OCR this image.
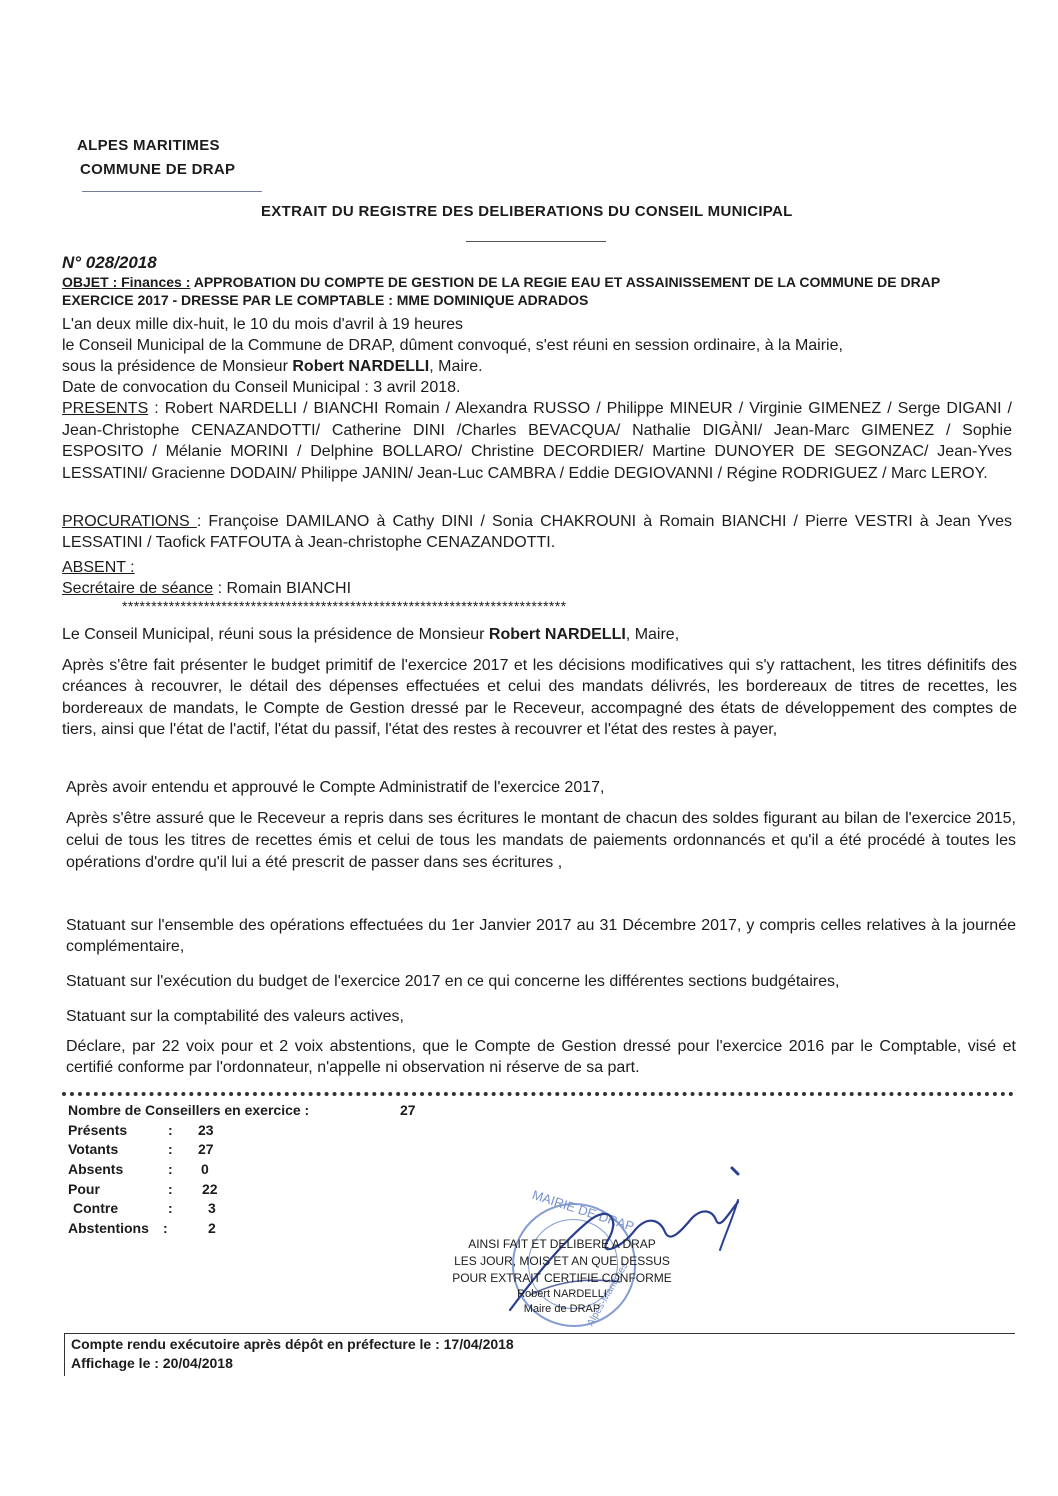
ALPES MARITIMES
COMMUNE DE DRAP
EXTRAIT DU REGISTRE DES DELIBERATIONS DU CONSEIL MUNICIPAL
N° 028/2018
OBJET : Finances : APPROBATION DU COMPTE DE GESTION DE LA REGIE EAU ET ASSAINISSEMENT DE LA COMMUNE DE DRAP
EXERCICE 2017 - DRESSE PAR LE COMPTABLE : MME DOMINIQUE ADRADOS
L'an deux mille dix-huit, le 10 du mois d'avril à 19 heures
le Conseil Municipal de la Commune de DRAP, dûment convoqué, s'est réuni en session ordinaire, à la Mairie,
sous la présidence de Monsieur Robert NARDELLI, Maire.
Date de convocation du Conseil Municipal : 3 avril 2018.
PRESENTS : Robert NARDELLI / BIANCHI Romain / Alexandra RUSSO / Philippe MINEUR / Virginie GIMENEZ / Serge DIGANI / Jean-Christophe CENAZANDOTTI/ Catherine DINI /Charles BEVACQUA/ Nathalie DIGÀNI/ Jean-Marc GIMENEZ / Sophie ESPOSITO / Mélanie MORINI / Delphine BOLLARO/ Christine DECORDIER/ Martine DUNOYER DE SEGONZAC/ Jean-Yves LESSATINI/ Gracienne DODAIN/ Philippe JANIN/ Jean-Luc CAMBRA / Eddie DEGIOVANNI / Régine RODRIGUEZ / Marc LEROY.
PROCURATIONS : Françoise DAMILANO à Cathy DINI / Sonia CHAKROUNI à Romain BIANCHI / Pierre VESTRI à Jean Yves LESSATINI / Taofick FATFOUTA à Jean-christophe CENAZANDOTTI.
ABSENT :
Secrétaire de séance : Romain BIANCHI
****************************************************************************
Le Conseil Municipal, réuni sous la présidence de Monsieur Robert NARDELLI, Maire,
Après s'être fait présenter le budget primitif de l'exercice 2017 et les décisions modificatives qui s'y rattachent, les titres définitifs des créances à recouvrer, le détail des dépenses effectuées et celui des mandats délivrés, les bordereaux de titres de recettes, les bordereaux de mandats, le Compte de Gestion dressé par le Receveur, accompagné des états de développement des comptes de tiers, ainsi que l'état de l'actif, l'état du passif, l'état des restes à recouvrer et l'état des restes à payer,
Après avoir entendu et approuvé le Compte Administratif de l'exercice 2017,
Après s'être assuré que le Receveur a repris dans ses écritures le montant de chacun des soldes figurant au bilan de l'exercice 2015, celui de tous les titres de recettes émis et celui de tous les mandats de paiements ordonnancés et qu'il a été procédé à toutes les opérations d'ordre qu'il lui a été prescrit de passer dans ses écritures ,
Statuant sur l'ensemble des opérations effectuées du 1er Janvier 2017 au 31 Décembre 2017, y compris celles relatives à la journée complémentaire,
Statuant sur l'exécution du budget de l'exercice 2017 en ce qui concerne les différentes sections budgétaires,
Statuant sur la comptabilité des valeurs actives,
Déclare, par 22 voix pour et 2 voix abstentions, que le Compte de Gestion dressé pour l'exercice 2016 par le Comptable, visé et certifié conforme par l'ordonnateur, n'appelle ni observation ni réserve de sa part.
Nombre de Conseillers en exercice :	27
Présents	: 23
Votants	: 27
Absents	: 0
Pour	: 22
Contre	:	3
Abstentions :	2	MAIRIE DE DRAP
Alpes-Maritimes
AINSI FAIT ET DELIBERE A DRAP
LES JOUR, MOIS ET AN QUE DESSUS
POUR EXTRAIT CERTIFIE CONFORME
Robert NARDELLI
Maire de DRAP
Compte rendu exécutoire après dépôt en préfecture le : 17/04/2018
Affichage le : 20/04/2018
